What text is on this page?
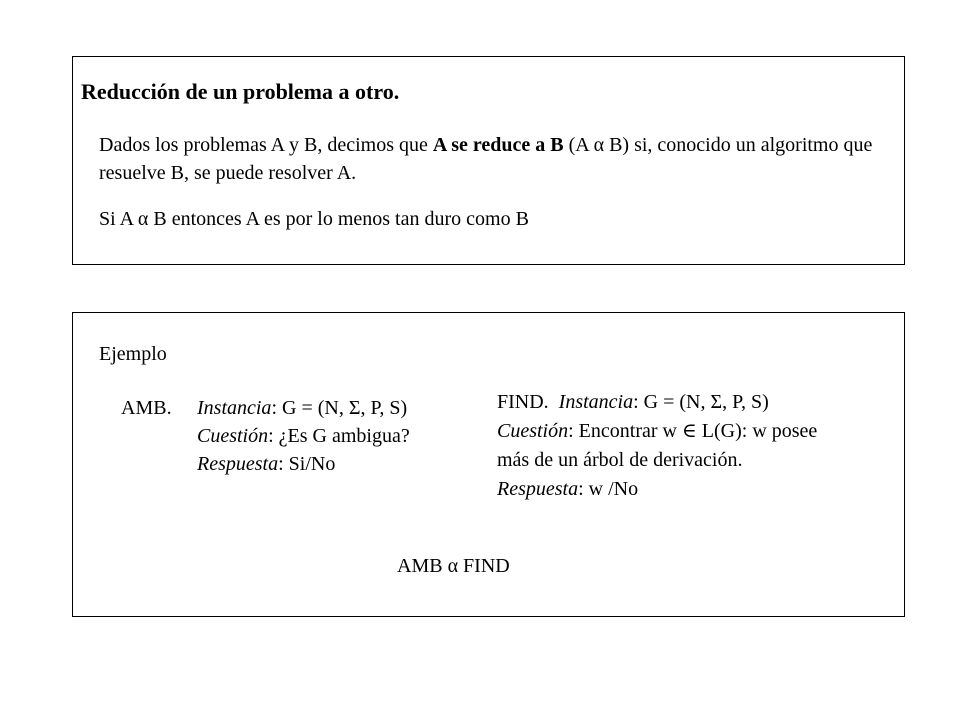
Reducción de un problema a otro.
Dados los problemas A y B, decimos que A se reduce a B (A α B) si, conocido un algoritmo que resuelve B, se puede resolver A.
Si A α B entonces A es por lo menos tan duro como B
Ejemplo
AMB. Instancia: G = (N, Σ, P, S)
Cuestión: ¿Es G ambigua?
Respuesta: Si/No
FIND. Instancia: G = (N, Σ, P, S)
Cuestión: Encontrar w ∈ L(G): w posee
más de un árbol de derivación.
Respuesta: w /No
AMB α FIND
